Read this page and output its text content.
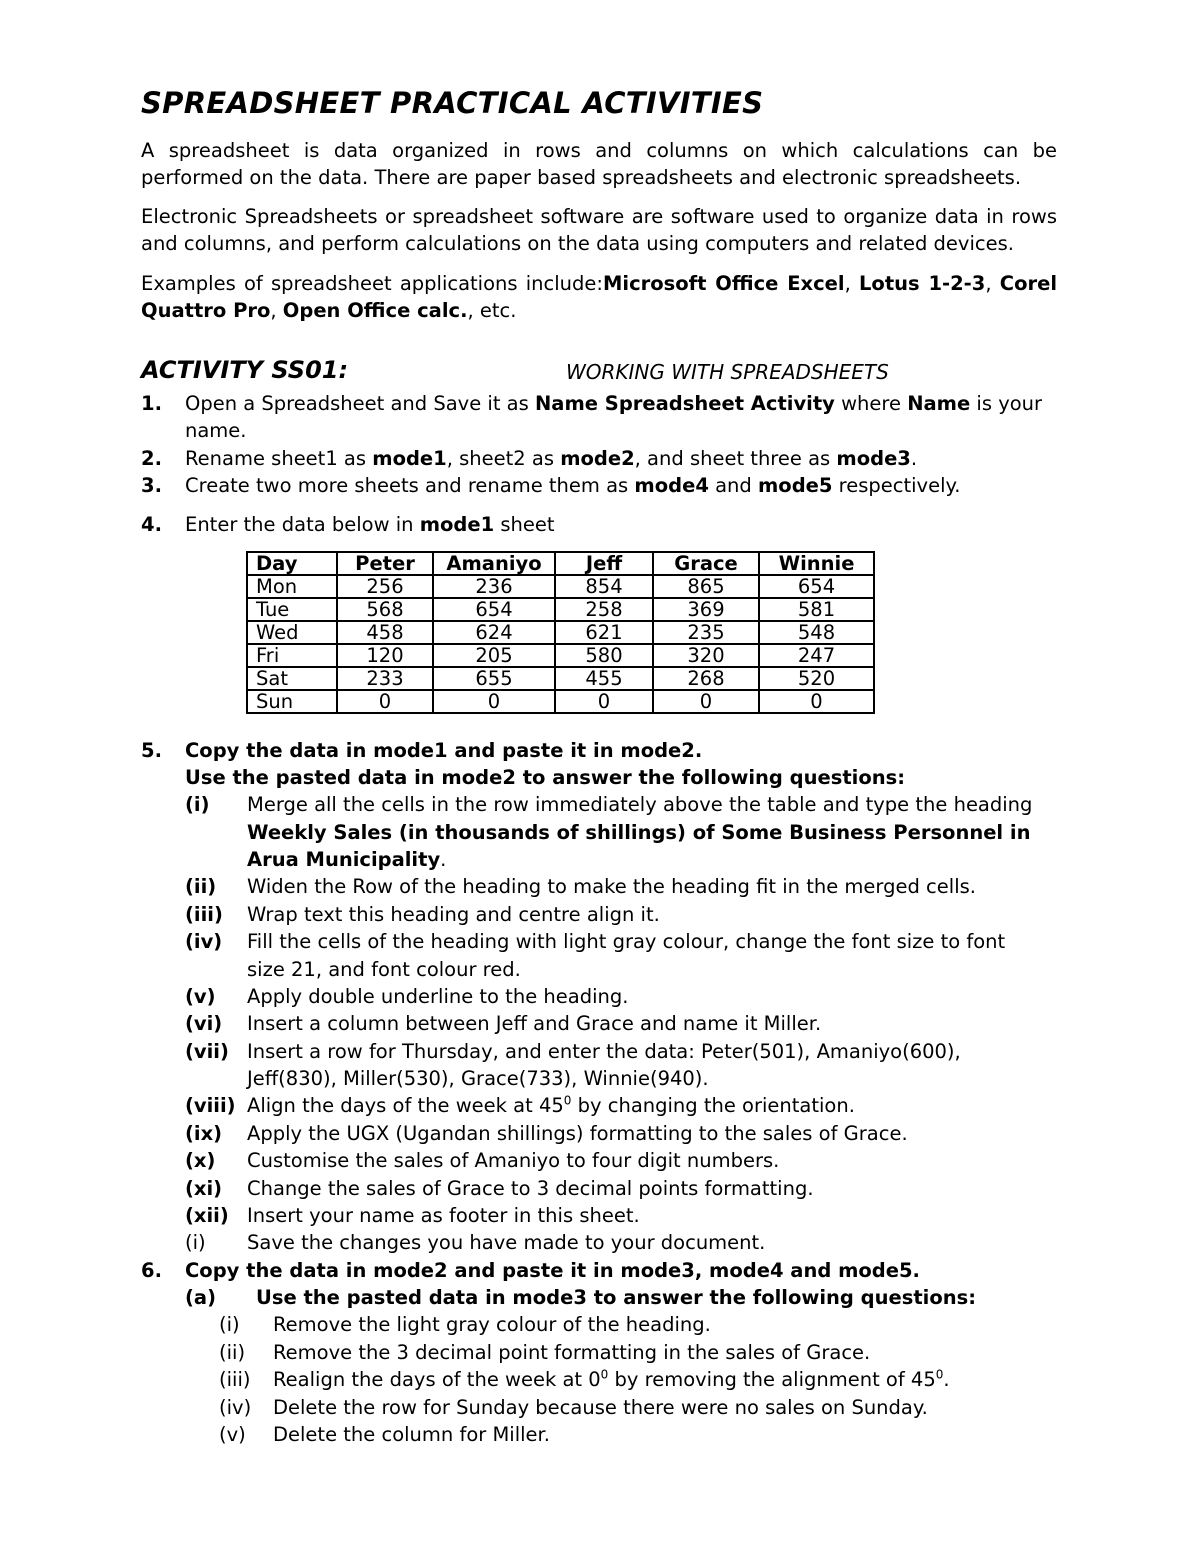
SPREADSHEET PRACTICAL ACTIVITIES

A spreadsheet is data organized in rows and columns on which calculations can be performed on the data. There are paper based spreadsheets and electronic spreadsheets.

Electronic Spreadsheets or spreadsheet software are software used to organize data in rows and columns, and perform calculations on the data using computers and related devices.

Examples of spreadsheet applications include:Microsoft Office Excel, Lotus 1-2-3, Corel Quattro Pro, Open Office calc., etc.

ACTIVITY SS01:	WORKING WITH SPREADSHEETS
1.	Open a Spreadsheet and Save it as Name Spreadsheet Activity where Name is your
name.
2.	Rename sheet1 as mode1, sheet2 as mode2, and sheet three as mode3.
3.	Create two more sheets and rename them as mode4 and mode5 respectively.
4.	Enter the data below in mode1 sheet
Day	Peter	Amaniyo	Jeff	Grace	Winnie
Mon	256	236	854	865	654
Tue	568	654	258	369	581
Wed	458	624	621	235	548
Fri	120	205	580	320	247
Sat	233	655	455	268	520
Sun	0	0	0	0	0
5.	Copy the data in mode1 and paste it in mode2.
Use the pasted data in mode2 to answer the following questions:
(i) Merge all the cells in the row immediately above the table and type the heading
Weekly Sales (in thousands of shillings) of Some Business Personnel in
Arua Municipality.
(ii) Widen the Row of the heading to make the heading fit in the merged cells.
(iii) Wrap text this heading and centre align it.
(iv) Fill the cells of the heading with light gray colour, change the font size to font
size 21, and font colour red.
(v) Apply double underline to the heading.
(vi) Insert a column between Jeff and Grace and name it Miller.
(vii) Insert a row for Thursday, and enter the data: Peter(501), Amaniyo(600),
Jeff(830), Miller(530), Grace(733), Winnie(940).
(viii) Align the days of the week at $45^0$ by changing the orientation.
(ix) Apply the UGX (Ugandan shillings) formatting to the sales of Grace.
(x) Customise the sales of Amaniyo to four digit numbers.
(xi) Change the sales of Grace to 3 decimal points formatting.
(xii) Insert your name as footer in this sheet.
(i) Save the changes you have made to your document.
6.	Copy the data in mode2 and paste it in mode3, mode4 and mode5.
(a) Use the pasted data in mode3 to answer the following questions:
(i) Remove the light gray colour of the heading.
(ii) Remove the 3 decimal point formatting in the sales of Grace.
(iii) Realign the days of the week at $0^0$ by removing the alignment of $45^0$.
(iv) Delete the row for Sunday because there were no sales on Sunday.
(v) Delete the column for Miller.
